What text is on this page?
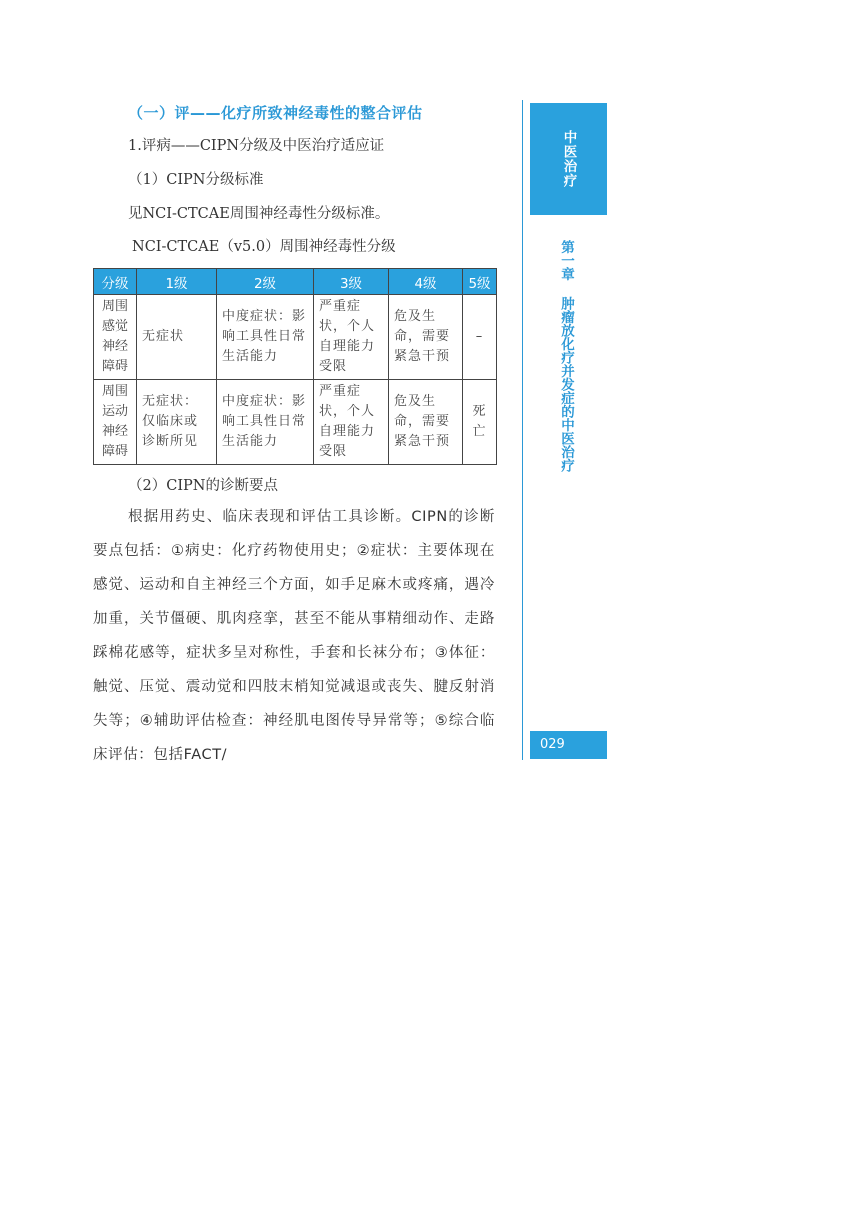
（一）评——化疗所致神经毒性的整合评估
1.评病——CIPN分级及中医治疗适应证
（1）CIPN分级标准
见NCI-CTCAE周围神经毒性分级标准。
NCI-CTCAE（v5.0）周围神经毒性分级
分级	1级	2级	3级	4级	5级
周围感觉神经障碍	无症状	中度症状：影响工具性日常生活能力	严重症状，个人自理能力受限	危及生命，需要紧急干预	–
周围运动神经障碍	无症状：仅临床或诊断所见	中度症状：影响工具性日常生活能力	严重症状，个人自理能力受限	危及生命，需要紧急干预	死亡
（2）CIPN的诊断要点
根据用药史、临床表现和评估工具诊断。CIPN的诊断要点包括：①病史：化疗药物使用史；②症状：主要体现在感觉、运动和自主神经三个方面，如手足麻木或疼痛，遇冷加重，关节僵硬、肌肉痉挛，甚至不能从事精细动作、走路踩棉花感等，症状多呈对称性，手套和长袜分布；③体征：触觉、压觉、震动觉和四肢末梢知觉减退或丧失、腱反射消失等；④辅助评估检查：神经肌电图传导异常等；⑤综合临床评估：包括FACT/
中医治疗
第一章 肿瘤放化疗并发症的中医治疗
029
